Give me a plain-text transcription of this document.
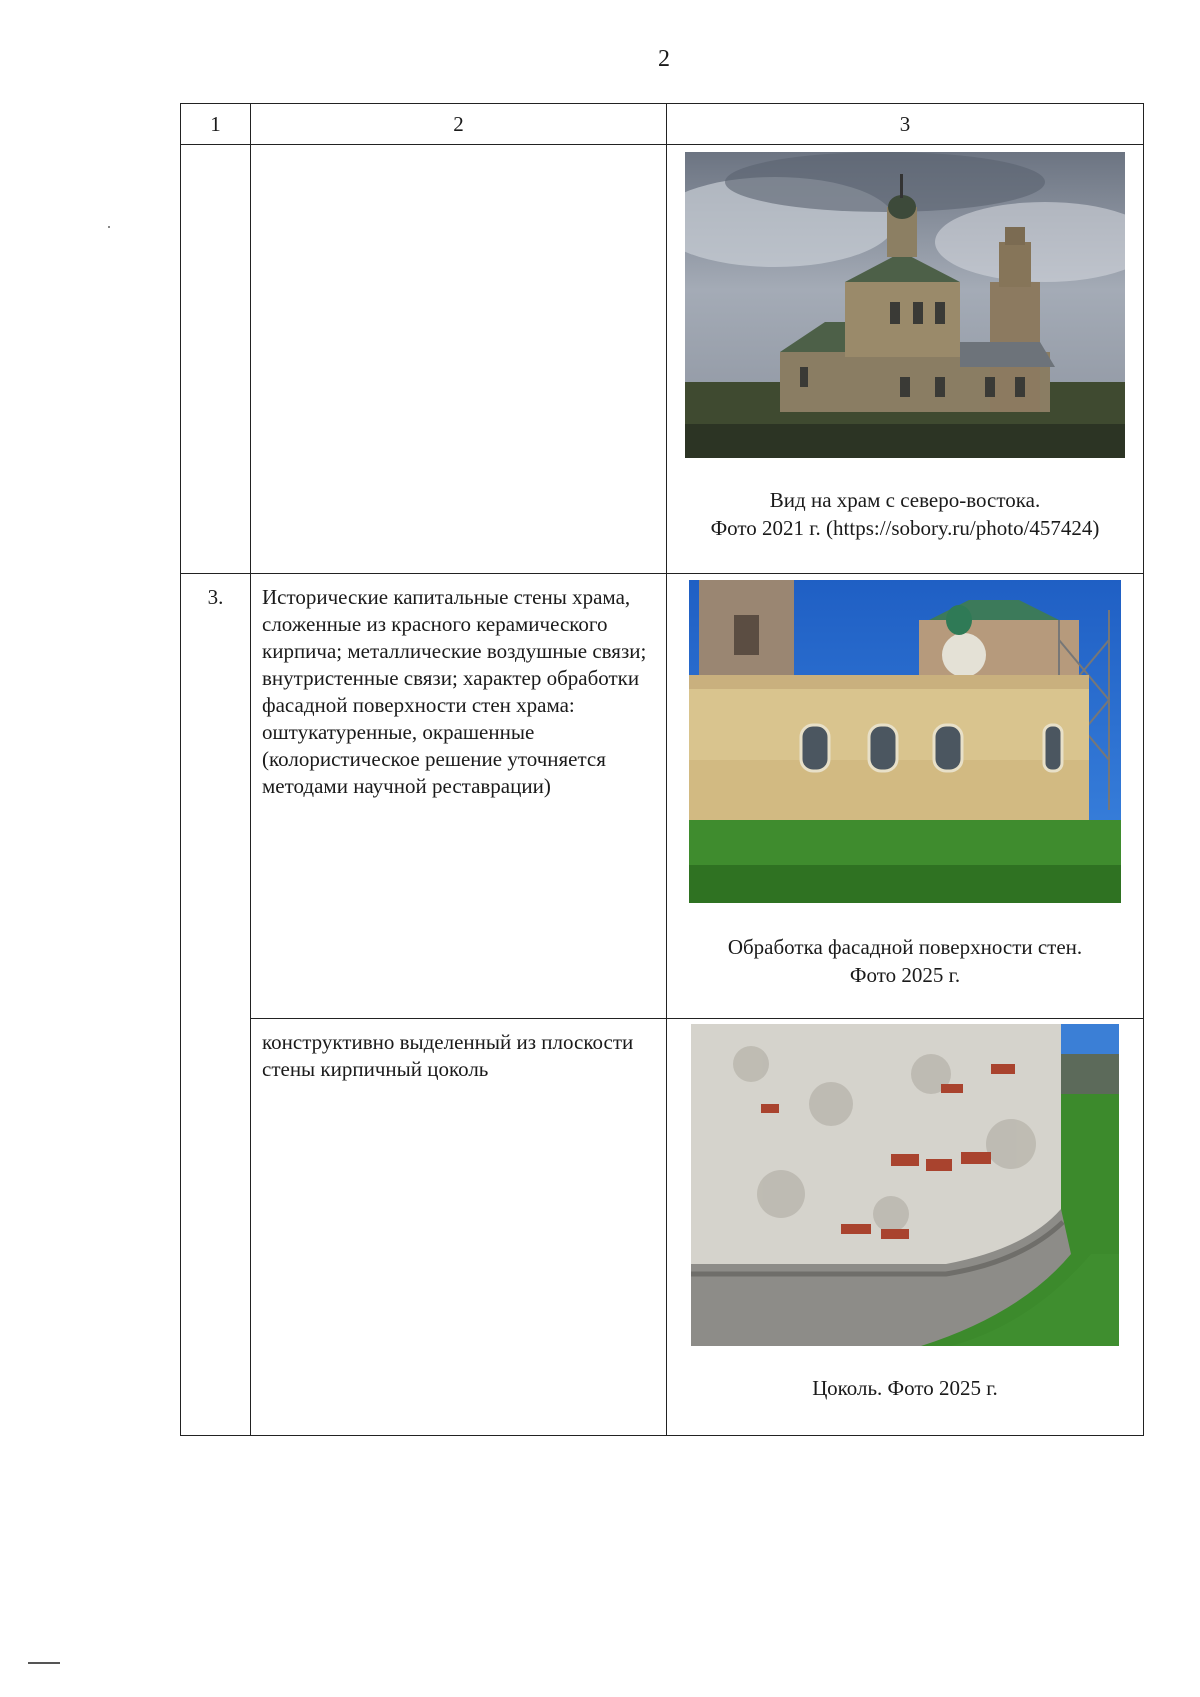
2
1	2	3

		Вид на храм с северо-востока.
Фото 2021 г. (https://sobory.ru/photo/457424)

3.	Исторические капитальные стены храма, сложенные из красного керамического кирпича; металлические воздушные связи; внутристенные связи; характер обработки фасадной поверхности стен храма: оштукатуренные, окрашенные (колористическое решение уточняется методами научной реставрации)	Обработка фасадной поверхности стен.
Фото 2025 г.

	конструктивно выделенный из плоскости стены кирпичный цоколь	Цоколь. Фото 2025 г.
